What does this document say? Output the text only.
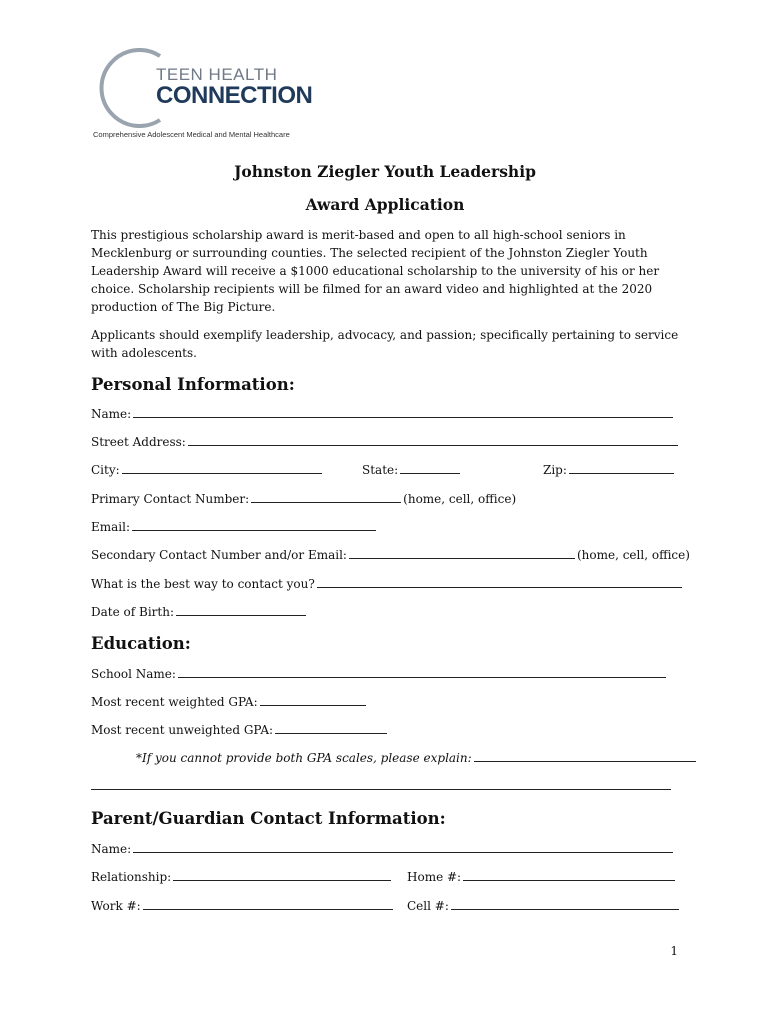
TEEN HEALTH
CONNECTION
Comprehensive Adolescent Medical and Mental Healthcare
Johnston Ziegler Youth Leadership
Award Application

This prestigious scholarship award is merit-based and open to all high-school seniors in Mecklenburg or surrounding counties. The selected recipient of the Johnston Ziegler Youth Leadership Award will receive a $1000 educational scholarship to the university of his or her choice. Scholarship recipients will be filmed for an award video and highlighted at the 2020 production of The Big Picture.

Applicants should exemplify leadership, advocacy, and passion; specifically pertaining to service with adolescents.

Personal Information:
Name:
Street Address:
City:	State:	Zip:
Primary Contact Number:	(home, cell, office)
Email:
Secondary Contact Number and/or Email:	(home, cell, office)
What is the best way to contact you?
Date of Birth:
Education:
School Name:
Most recent weighted GPA:
Most recent unweighted GPA:
*If you cannot provide both GPA scales, please explain:
Parent/Guardian Contact Information:
Name:
Relationship:	Home #:
Work #:	Cell #:
1
